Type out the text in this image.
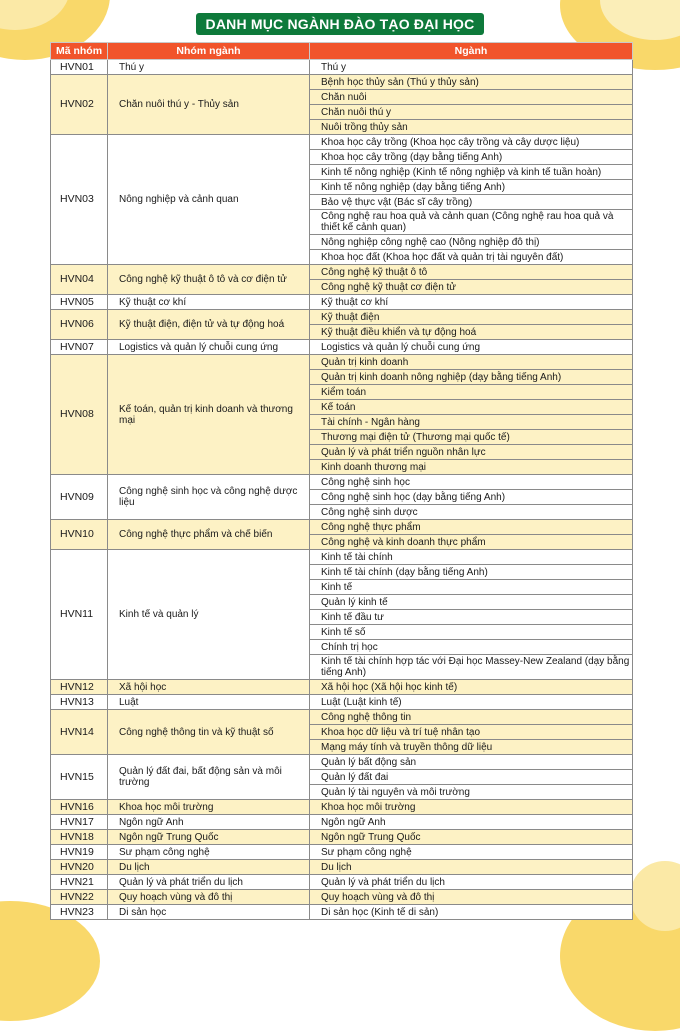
DANH MỤC NGÀNH ĐÀO TẠO ĐẠI HỌC
Mã nhóm	Nhóm ngành	Ngành
HVN01	Thú y	Thú y
HVN02	Chăn nuôi thú y - Thủy sản	Bệnh học thủy sản (Thú y thủy sản)
		Chăn nuôi
		Chăn nuôi thú y
		Nuôi trồng thủy sản
HVN03	Nông nghiệp và cảnh quan	Khoa học cây trồng (Khoa học cây trồng và cây dược liệu)
		Khoa học cây trồng (dạy bằng tiếng Anh)
		Kinh tế nông nghiệp (Kinh tế nông nghiệp và kinh tế tuần hoàn)
		Kinh tế nông nghiệp (dạy bằng tiếng Anh)
		Bảo vệ thực vật (Bác sĩ cây trồng)
		Công nghệ rau hoa quả và cảnh quan (Công nghệ rau hoa quả và thiết kế cảnh quan)
		Nông nghiệp công nghệ cao (Nông nghiệp đô thị)
		Khoa học đất (Khoa học đất và quản trị tài nguyên đất)
HVN04	Công nghệ kỹ thuật ô tô và cơ điện tử	Công nghệ kỹ thuật ô tô
		Công nghệ kỹ thuật cơ điện tử
HVN05	Kỹ thuật cơ khí	Kỹ thuật cơ khí
HVN06	Kỹ thuật điện, điện tử và tự động hoá	Kỹ thuật điện
		Kỹ thuật điều khiển và tự động hoá
HVN07	Logistics và quản lý chuỗi cung ứng	Logistics và quản lý chuỗi cung ứng
HVN08	Kế toán, quản trị kinh doanh và thương mại	Quản trị kinh doanh
		Quản trị kinh doanh nông nghiệp (dạy bằng tiếng Anh)
		Kiểm toán
		Kế toán
		Tài chính - Ngân hàng
		Thương mại điện tử (Thương mại quốc tế)
		Quản lý và phát triển nguồn nhân lực
		Kinh doanh thương mại
HVN09	Công nghệ sinh học và công nghệ dược liệu	Công nghệ sinh học
		Công nghệ sinh học (dạy bằng tiếng Anh)
		Công nghệ sinh dược
HVN10	Công nghệ thực phẩm và chế biến	Công nghệ thực phẩm
		Công nghệ và kinh doanh thực phẩm
HVN11	Kinh tế và quản lý	Kinh tế tài chính
		Kinh tế tài chính (dạy bằng tiếng Anh)
		Kinh tế
		Quản lý kinh tế
		Kinh tế đầu tư
		Kinh tế số
		Chính trị học
		Kinh tế tài chính hợp tác với Đại học Massey-New Zealand (dạy bằng tiếng Anh)
HVN12	Xã hội học	Xã hội học (Xã hội học kinh tế)
HVN13	Luật	Luật (Luật kinh tế)
HVN14	Công nghệ thông tin và kỹ thuật số	Công nghệ thông tin
		Khoa học dữ liệu và trí tuệ nhân tạo
		Mạng máy tính và truyền thông dữ liệu
HVN15	Quản lý đất đai, bất động sản và môi trường	Quản lý bất động sản
		Quản lý đất đai
		Quản lý tài nguyên và môi trường
HVN16	Khoa học môi trường	Khoa học môi trường
HVN17	Ngôn ngữ Anh	Ngôn ngữ Anh
HVN18	Ngôn ngữ Trung Quốc	Ngôn ngữ Trung Quốc
HVN19	Sư phạm công nghệ	Sư phạm công nghệ
HVN20	Du lịch	Du lịch
HVN21	Quản lý và phát triển du lịch	Quản lý và phát triển du lịch
HVN22	Quy hoạch vùng và đô thị	Quy hoạch vùng và đô thị
HVN23	Di sản học	Di sản học (Kinh tế di sản)
